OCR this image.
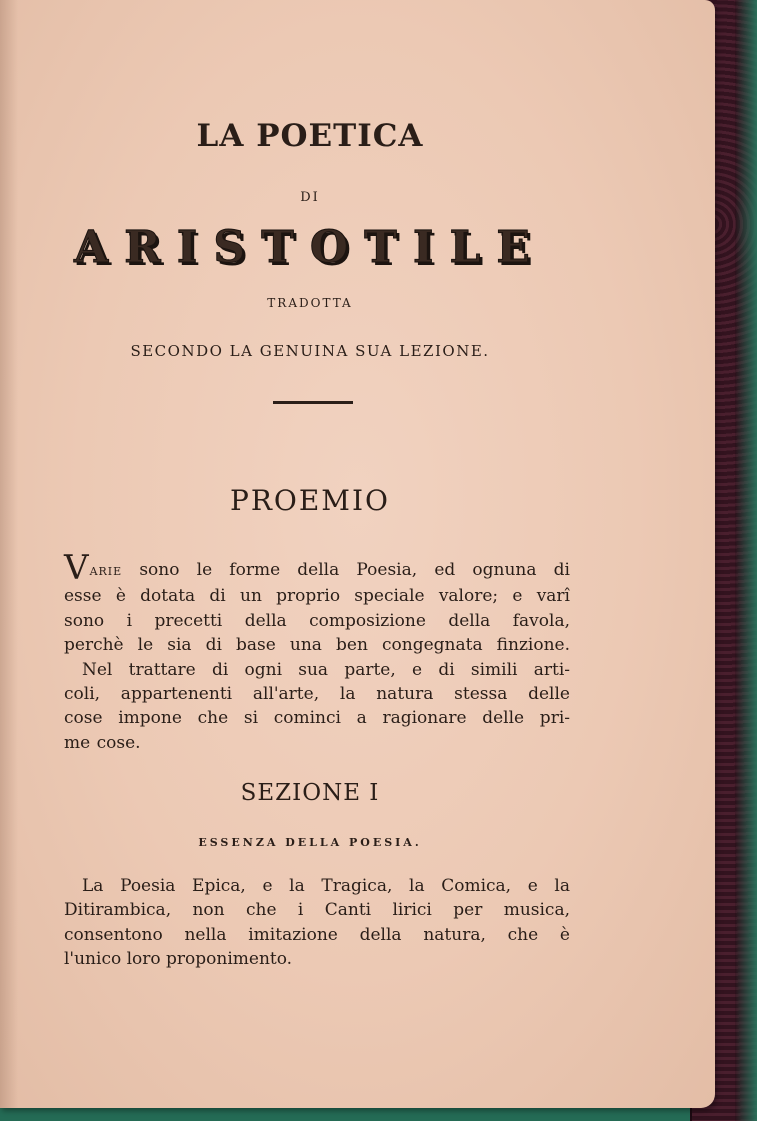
LA POETICA
DI
ARISTOTILE
TRADOTTA
SECONDO LA GENUINA SUA LEZIONE.
PROEMIO
VARIE sono le forme della Poesia, ed ognuna di
esse è dotata di un proprio speciale valore; e varî
sono i precetti della composizione della favola,
perchè le sia di base una ben congegnata finzione.
Nel trattare di ogni sua parte, e di simili arti-
coli, appartenenti all'arte, la natura stessa delle
cose impone che si cominci a ragionare delle pri-
me cose.
SEZIONE I
ESSENZA DELLA POESIA.
La Poesia Epica, e la Tragica, la Comica, e la
Ditirambica, non che i Canti lirici per musica,
consentono nella imitazione della natura, che è
l'unico loro proponimento.
